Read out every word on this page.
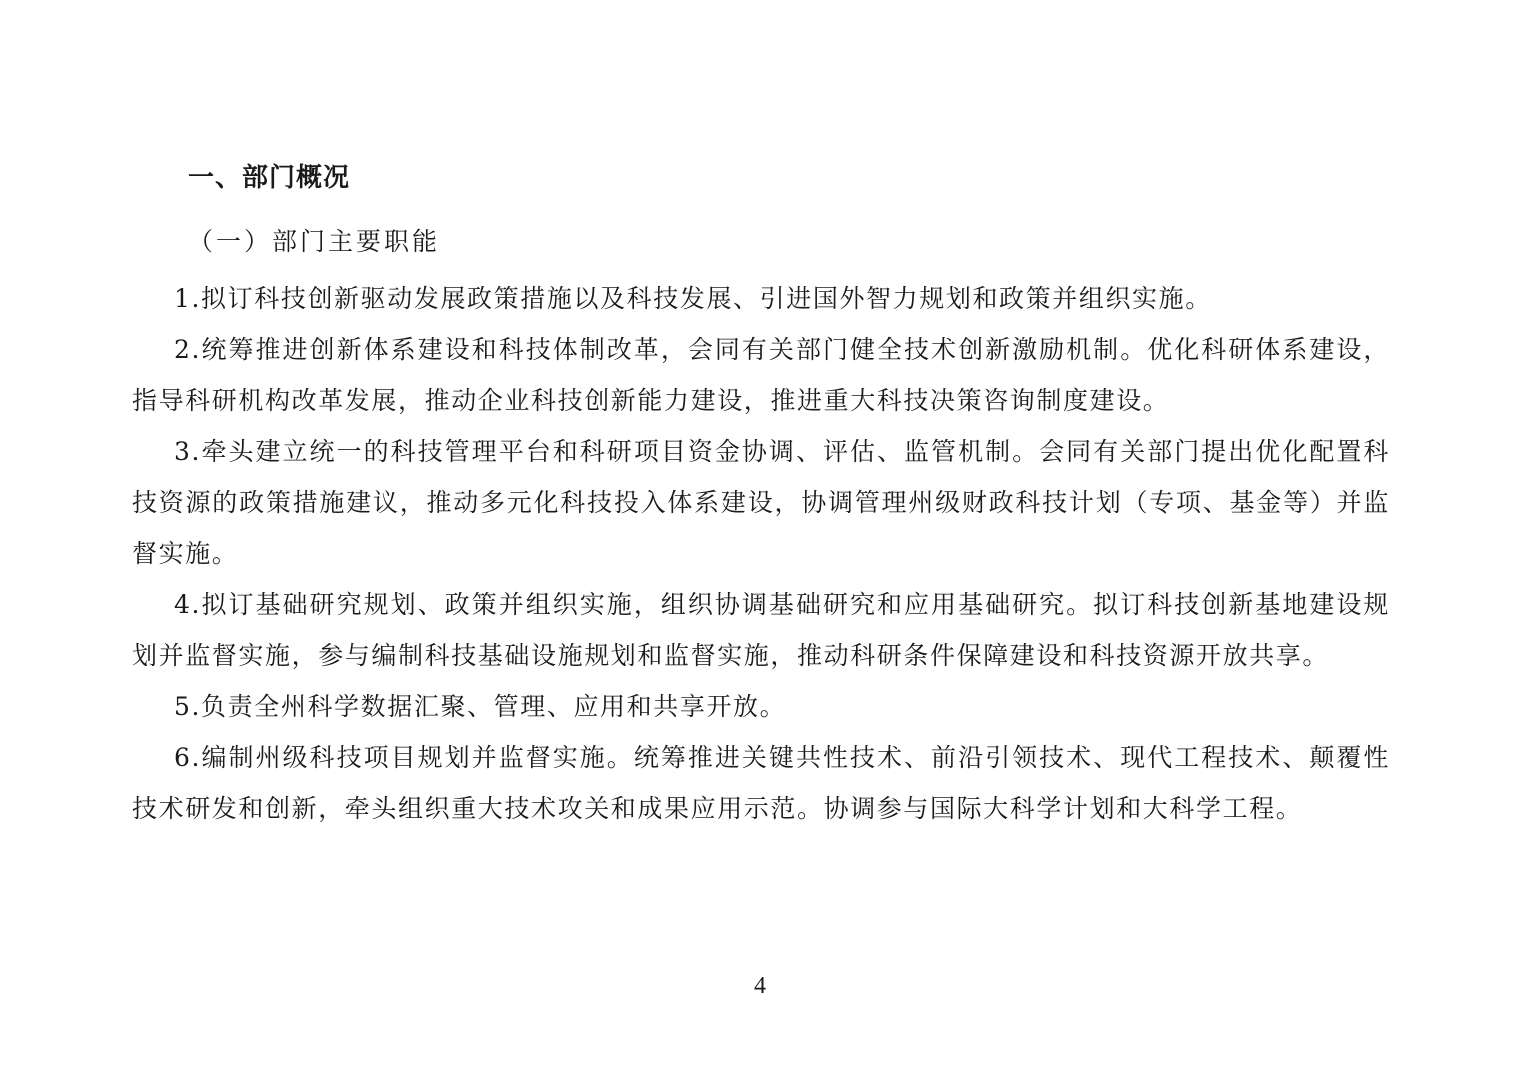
一、部门概况
（一）部门主要职能

1.拟订科技创新驱动发展政策措施以及科技发展、引进国外智力规划和政策并组织实施。

2.统筹推进创新体系建设和科技体制改革，会同有关部门健全技术创新激励机制。优化科研体系建设，指导科研机构改革发展，推动企业科技创新能力建设，推进重大科技决策咨询制度建设。

3.牵头建立统一的科技管理平台和科研项目资金协调、评估、监管机制。会同有关部门提出优化配置科技资源的政策措施建议，推动多元化科技投入体系建设，协调管理州级财政科技计划（专项、基金等）并监督实施。

4.拟订基础研究规划、政策并组织实施，组织协调基础研究和应用基础研究。拟订科技创新基地建设规划并监督实施，参与编制科技基础设施规划和监督实施，推动科研条件保障建设和科技资源开放共享。

5.负责全州科学数据汇聚、管理、应用和共享开放。

6.编制州级科技项目规划并监督实施。统筹推进关键共性技术、前沿引领技术、现代工程技术、颠覆性技术研发和创新，牵头组织重大技术攻关和成果应用示范。协调参与国际大科学计划和大科学工程。

4
